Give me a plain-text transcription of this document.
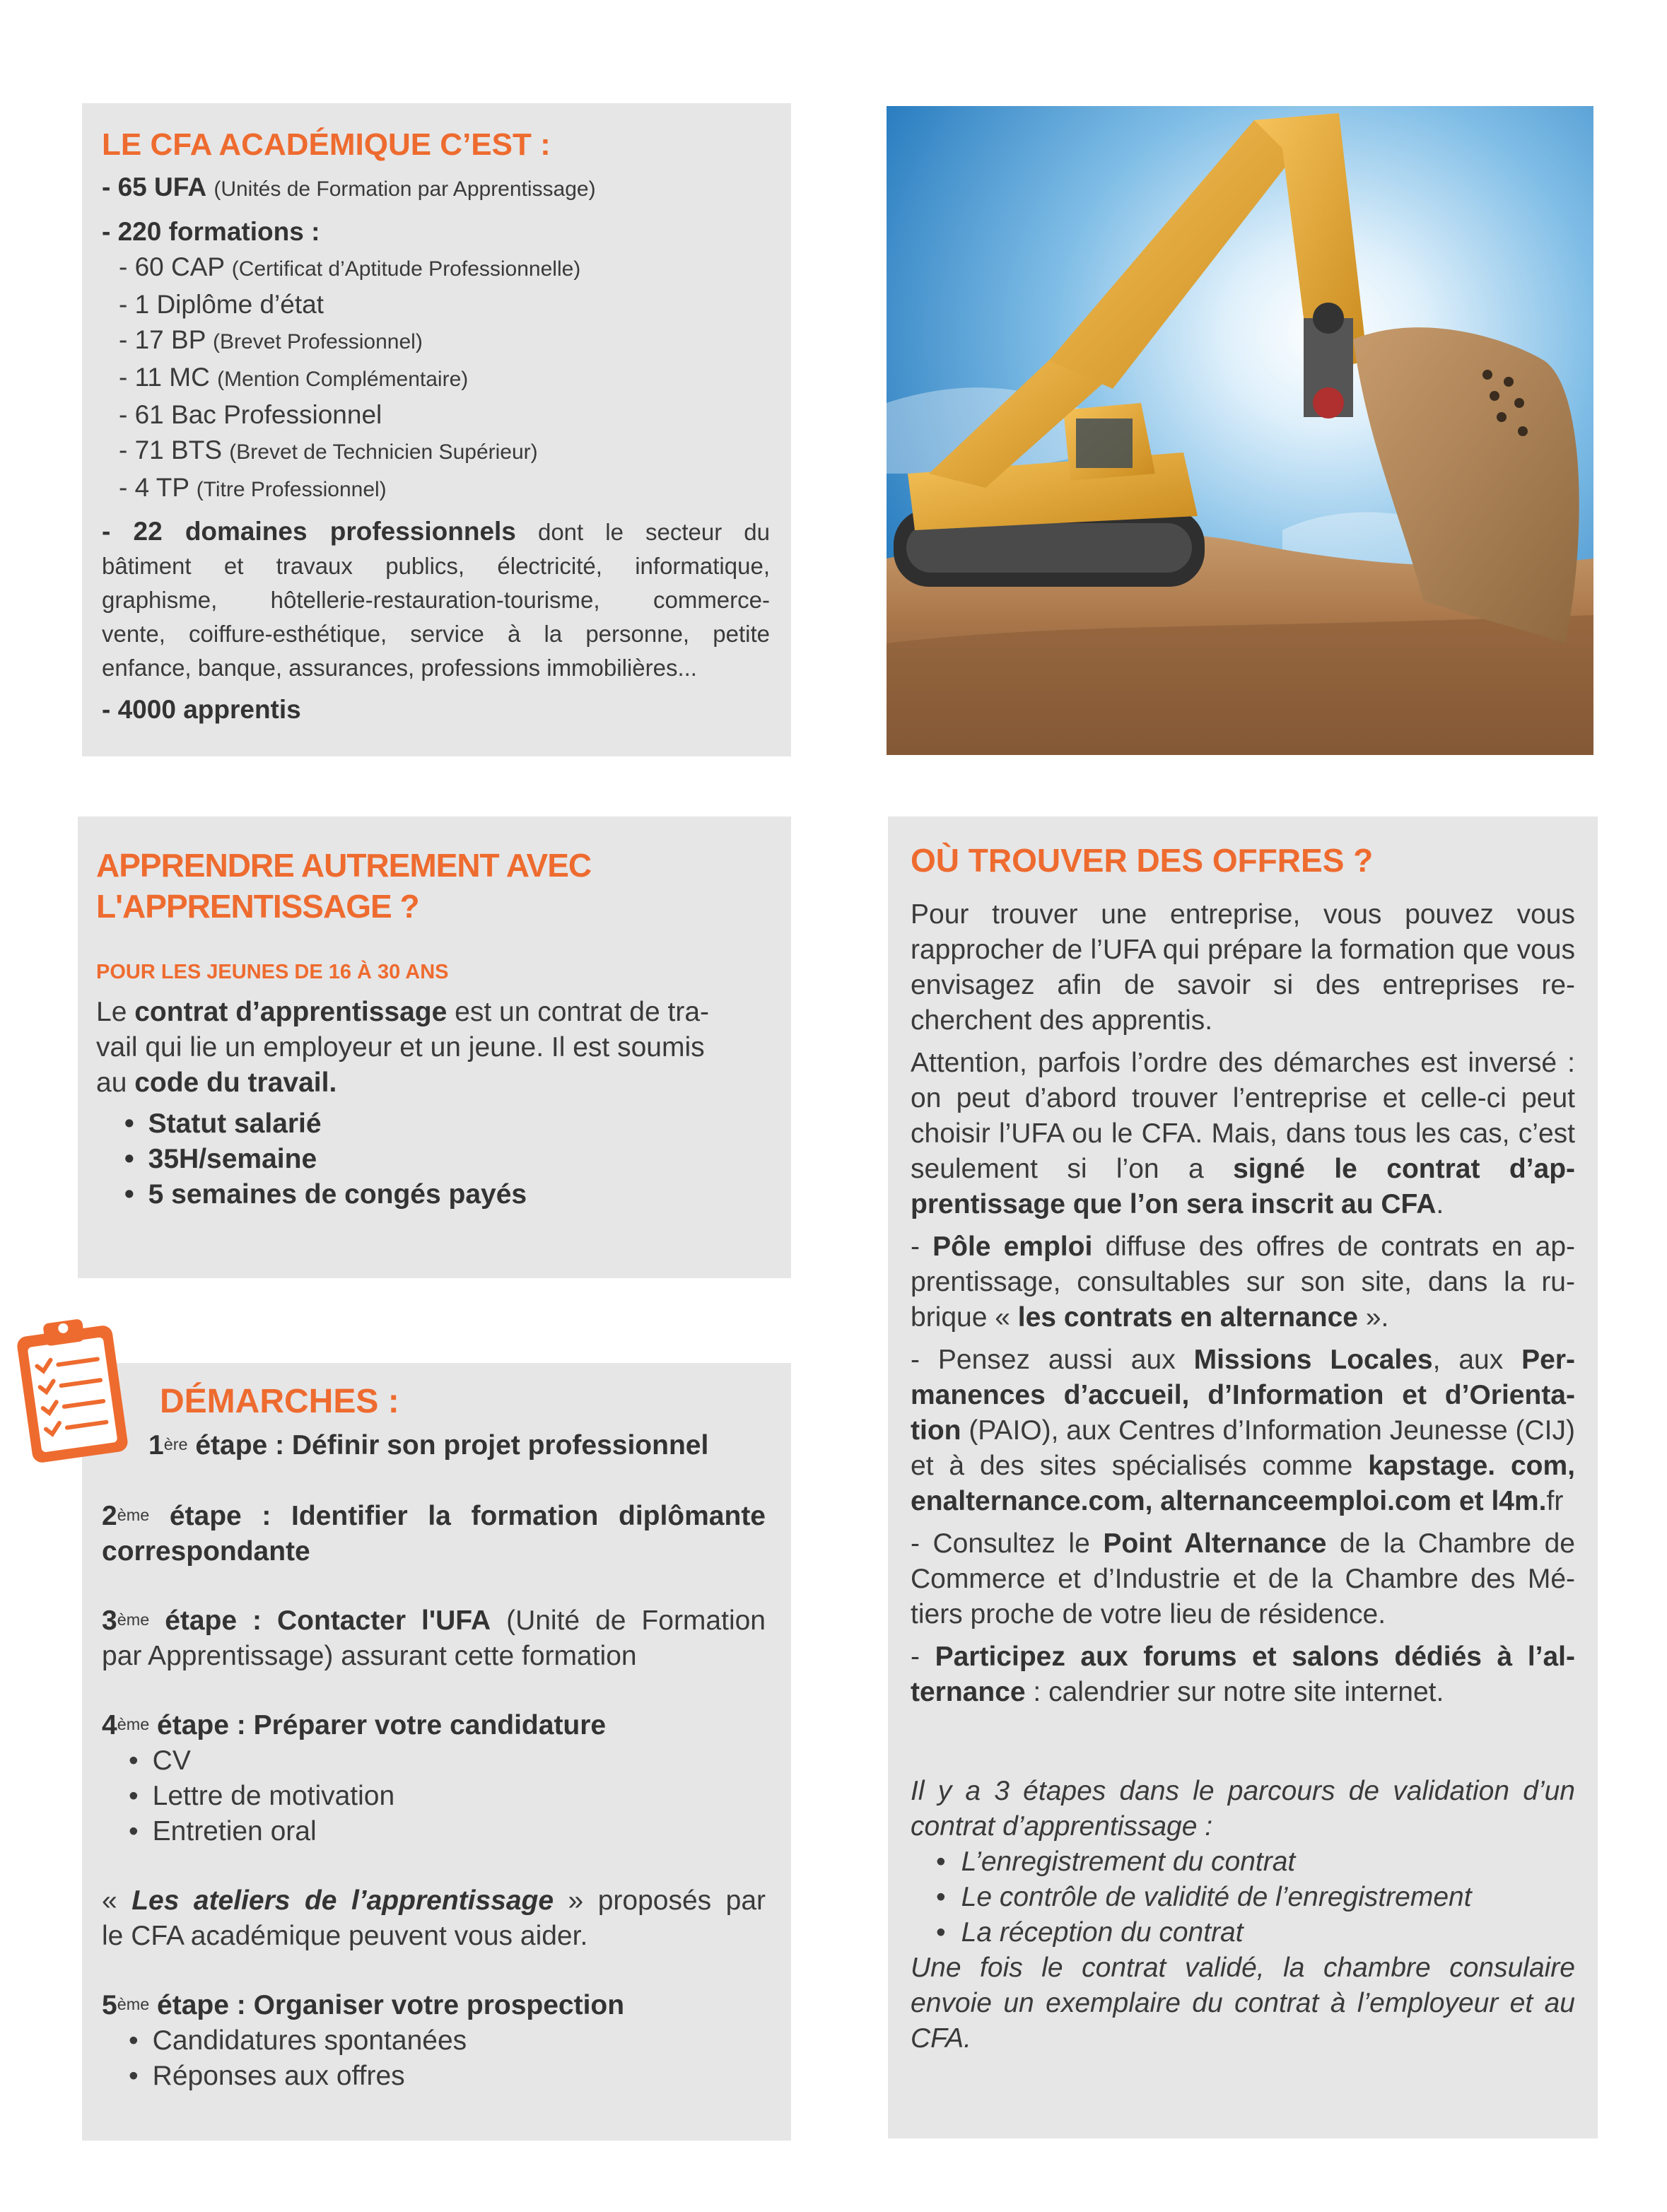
LE CFA ACADÉMIQUE C’EST :
- 65 UFA (Unités de Formation par Apprentissage)
- 220 formations :
- 60 CAP (Certificat d’Aptitude Professionnelle)
- 1 Diplôme d’état
- 17 BP (Brevet Professionnel)
- 11 MC (Mention Complémentaire)
- 61 Bac Professionnel
- 71 BTS (Brevet de Technicien Supérieur)
- 4 TP (Titre Professionnel)
- 22 domaines professionnels dont le secteur du
bâtiment et travaux publics, électricité, informatique,
graphisme, hôtellerie-restauration-tourisme, commerce-
vente, coiffure-esthétique, service à la personne, petite
enfance, banque, assurances, professions immobilières...
- 4000 apprentis
APPRENDRE AUTREMENT AVEC
L'APPRENTISSAGE ?
POUR LES JEUNES DE 16 À 30 ANS
Le contrat d’apprentissage est un contrat de tra-
vail qui lie un employeur et un jeune. Il est soumis
au code du travail.
• Statut salarié
• 35H/semaine
• 5 semaines de congés payés
DÉMARCHES :
1ère étape : Définir son projet professionnel
2ème étape : Identifier la formation diplômante
correspondante
3ème étape : Contacter l'UFA (Unité de Formation
par Apprentissage) assurant cette formation
4ème étape : Préparer votre candidature
• CV
• Lettre de motivation
• Entretien oral
« Les ateliers de l’apprentissage » proposés par
le CFA académique peuvent vous aider.
5ème étape : Organiser votre prospection
• Candidatures spontanées
• Réponses aux offres
OÙ TROUVER DES OFFRES ?
Pour trouver une entreprise, vous pouvez vous rapprocher de l’UFA qui prépare la formation que vous envisagez afin de savoir si des entreprises re-cherchent des apprentis.
Attention, parfois l’ordre des démarches est inversé : on peut d’abord trouver l’entreprise et celle-ci peut choisir l’UFA ou le CFA. Mais, dans tous les cas, c’est seulement si l’on a signé le contrat d’ap-prentissage que l’on sera inscrit au CFA.
- Pôle emploi diffuse des offres de contrats en ap-prentissage, consultables sur son site, dans la ru-brique « les contrats en alternance ».
- Pensez aussi aux Missions Locales, aux Per-manences d’accueil, d’Information et d’Orienta-tion (PAIO), aux Centres d’Information Jeunesse (CIJ) et à des sites spécialisés comme kapstage. com, enalternance.com, alternanceemploi.com et l4m.fr
- Consultez le Point Alternance de la Chambre de Commerce et d’Industrie et de la Chambre des Mé-tiers proche de votre lieu de résidence.
- Participez aux forums et salons dédiés à l’al-ternance : calendrier sur notre site internet.
Il y a 3 étapes dans le parcours de validation d’un contrat d’apprentissage :
• L’enregistrement du contrat
• Le contrôle de validité de l’enregistrement
• La réception du contrat
Une fois le contrat validé, la chambre consulaire envoie un exemplaire du contrat à l’employeur et au CFA.
